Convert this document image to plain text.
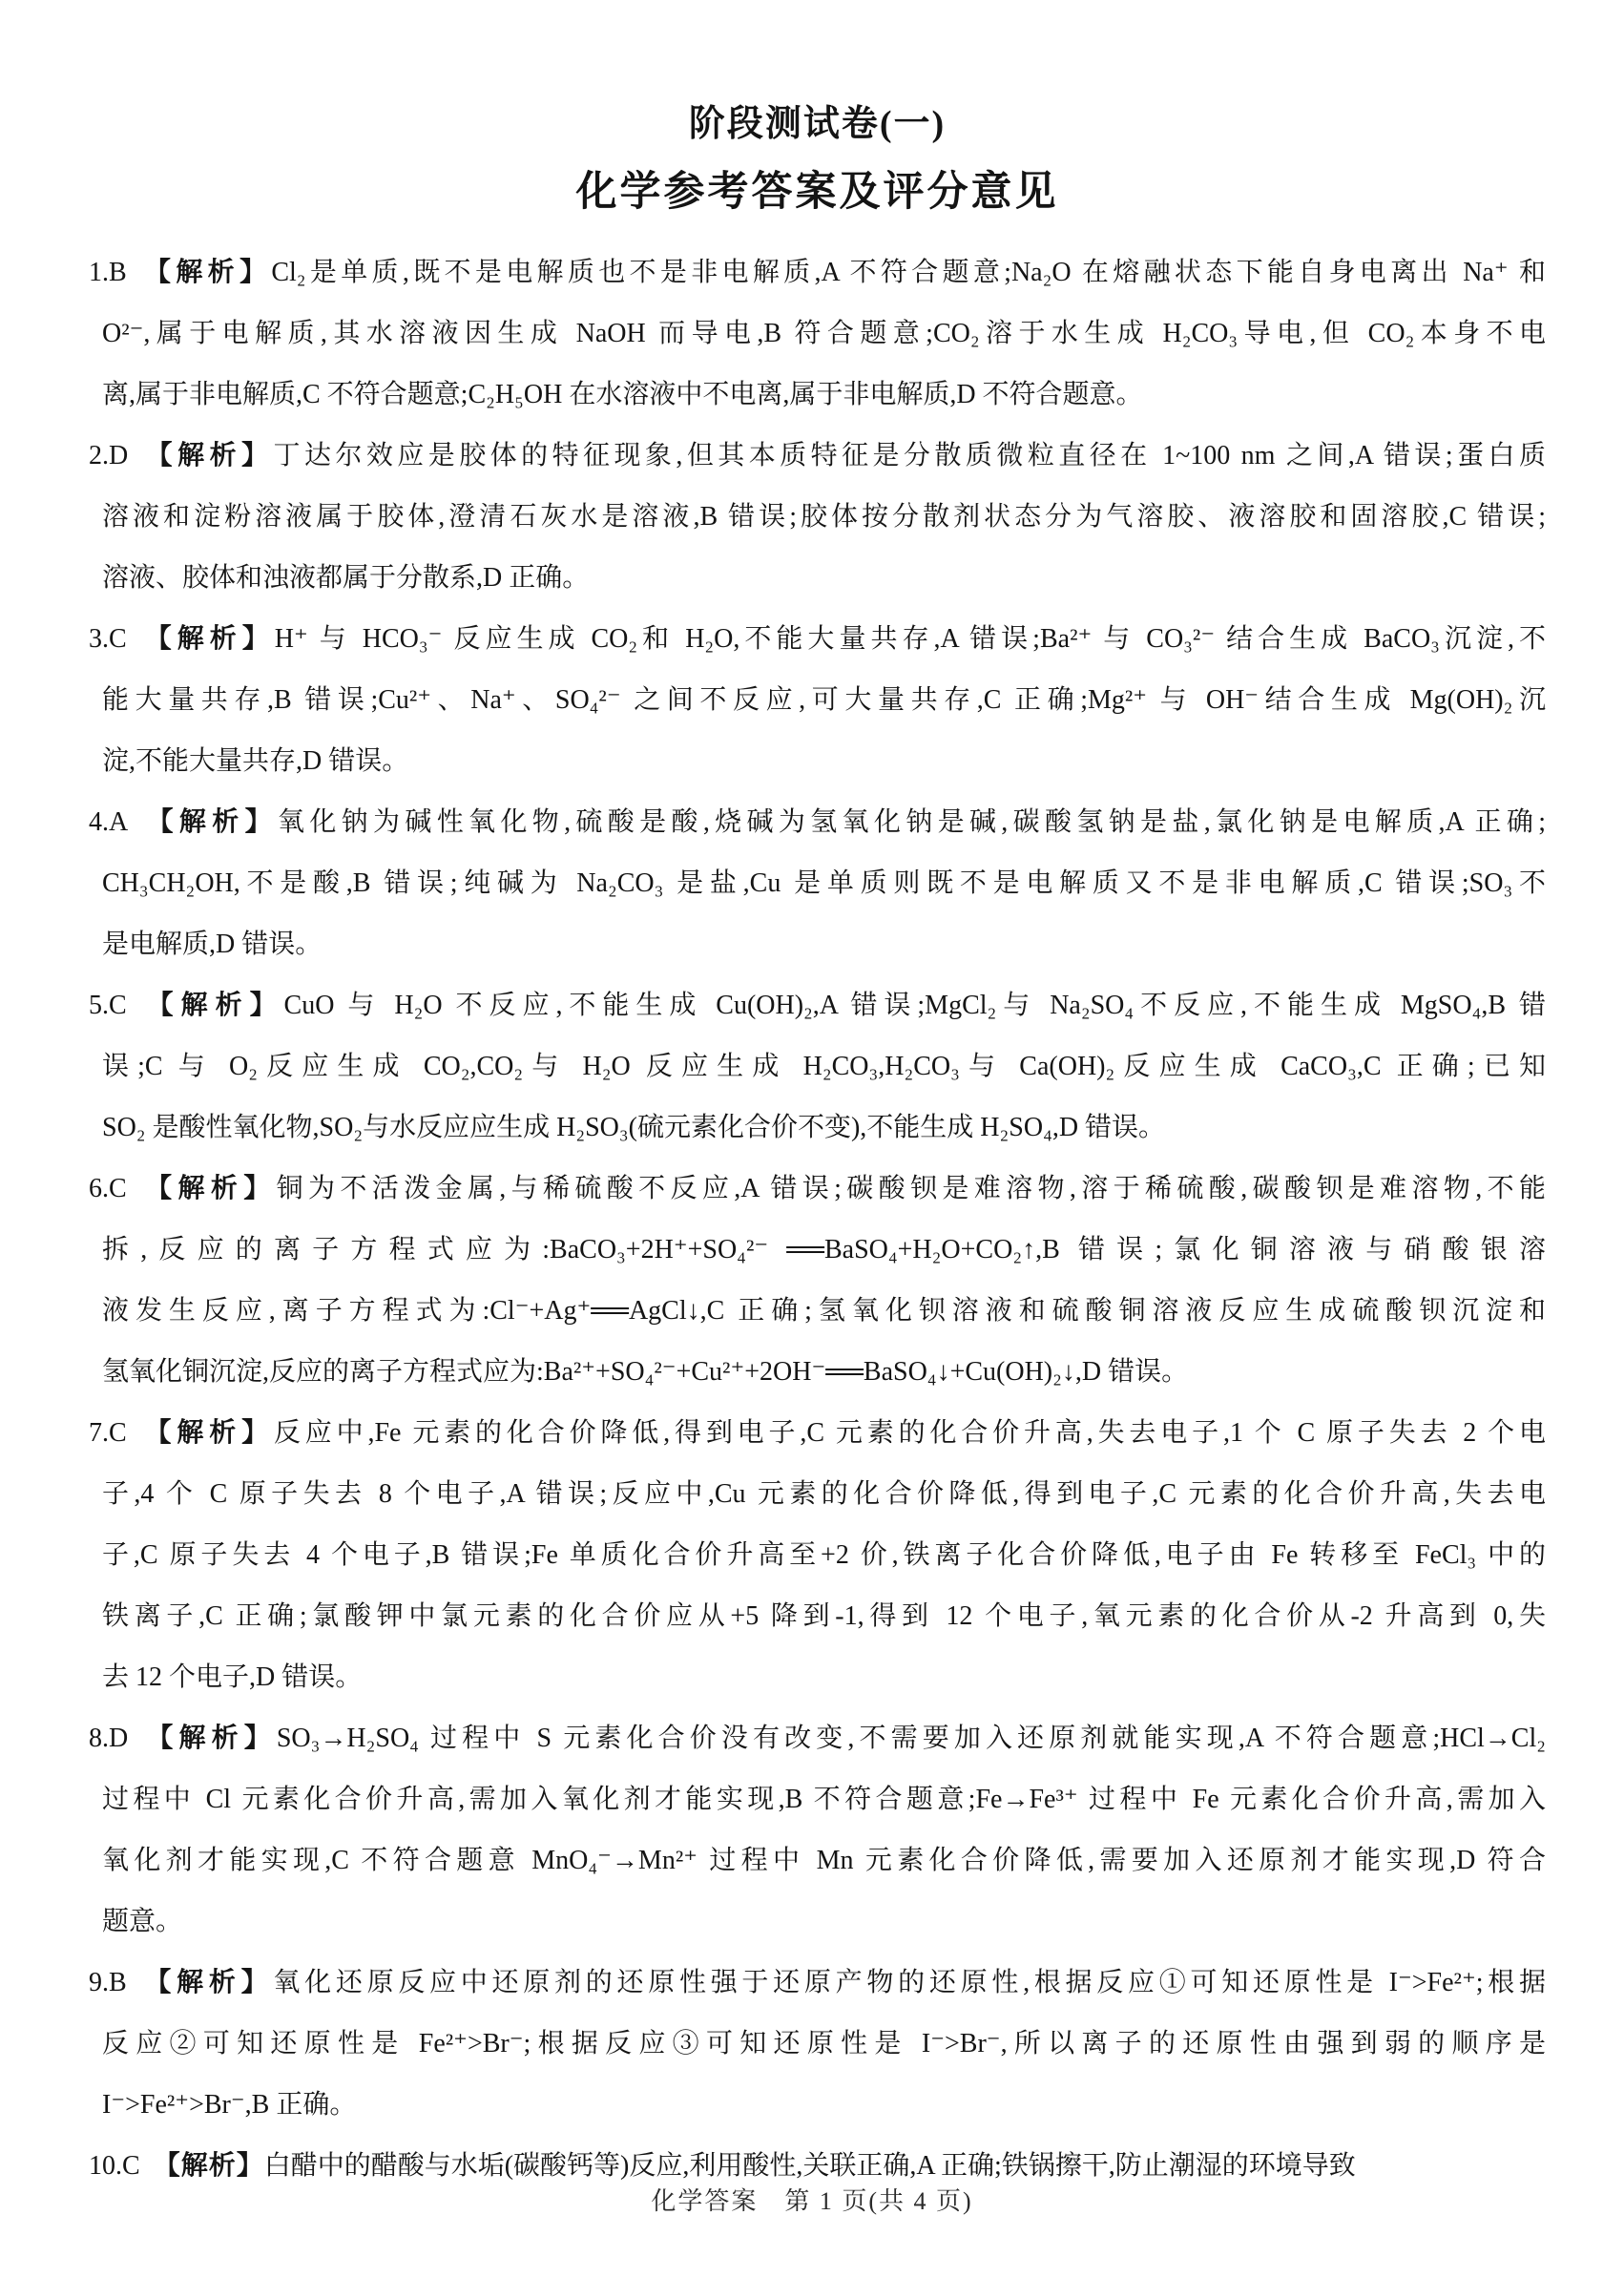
阶段测试卷(一)
化学参考答案及评分意见
1.B 【解析】Cl₂是单质,既不是电解质也不是非电解质,A 不符合题意;Na₂O 在熔融状态下能自身电离出 Na⁺ 和
O²⁻,属于电解质,其水溶液因生成 NaOH 而导电,B 符合题意;CO₂溶于水生成 H₂CO₃导电,但 CO₂本身不电
离,属于非电解质,C 不符合题意;C₂H₅OH 在水溶液中不电离,属于非电解质,D 不符合题意。
2.D 【解析】丁达尔效应是胶体的特征现象,但其本质特征是分散质微粒直径在 1~100 nm 之间,A 错误;蛋白质
溶液和淀粉溶液属于胶体,澄清石灰水是溶液,B 错误;胶体按分散剂状态分为气溶胶、液溶胶和固溶胶,C 错误;
溶液、胶体和浊液都属于分散系,D 正确。
3.C 【解析】H⁺ 与 HCO₃⁻ 反应生成 CO₂和 H₂O,不能大量共存,A 错误;Ba²⁺ 与 CO₃²⁻ 结合生成 BaCO₃沉淀,不
能大量共存,B 错误;Cu²⁺、Na⁺、SO₄²⁻ 之间不反应,可大量共存,C 正确;Mg²⁺ 与 OH⁻结合生成 Mg(OH)₂沉
淀,不能大量共存,D 错误。
4.A 【解析】氧化钠为碱性氧化物,硫酸是酸,烧碱为氢氧化钠是碱,碳酸氢钠是盐,氯化钠是电解质,A 正确;
CH₃CH₂OH,不是酸,B 错误;纯碱为 Na₂CO₃ 是盐,Cu 是单质则既不是电解质又不是非电解质,C 错误;SO₃不
是电解质,D 错误。
5.C 【解析】CuO 与 H₂O 不反应,不能生成 Cu(OH)₂,A 错误;MgCl₂与 Na₂SO₄不反应,不能生成 MgSO₄,B 错
误;C 与 O₂反应生成 CO₂,CO₂与 H₂O 反应生成 H₂CO₃,H₂CO₃与 Ca(OH)₂反应生成 CaCO₃,C 正确;已知
SO₂ 是酸性氧化物,SO₂与水反应应生成 H₂SO₃(硫元素化合价不变),不能生成 H₂SO₄,D 错误。
6.C 【解析】铜为不活泼金属,与稀硫酸不反应,A 错误;碳酸钡是难溶物,溶于稀硫酸,碳酸钡是难溶物,不能
拆,反应的离子方程式应为:BaCO₃+2H⁺+SO₄²⁻ ══BaSO₄+H₂O+CO₂↑,B 错误;氯化铜溶液与硝酸银溶
液发生反应,离子方程式为:Cl⁻+Ag⁺══AgCl↓,C 正确;氢氧化钡溶液和硫酸铜溶液反应生成硫酸钡沉淀和
氢氧化铜沉淀,反应的离子方程式应为:Ba²⁺+SO₄²⁻+Cu²⁺+2OH⁻══BaSO₄↓+Cu(OH)₂↓,D 错误。
7.C 【解析】反应中,Fe 元素的化合价降低,得到电子,C 元素的化合价升高,失去电子,1 个 C 原子失去 2 个电
子,4 个 C 原子失去 8 个电子,A 错误;反应中,Cu 元素的化合价降低,得到电子,C 元素的化合价升高,失去电
子,C 原子失去 4 个电子,B 错误;Fe 单质化合价升高至+2 价,铁离子化合价降低,电子由 Fe 转移至 FeCl₃ 中的
铁离子,C 正确;氯酸钾中氯元素的化合价应从+5 降到-1,得到 12 个电子,氧元素的化合价从-2 升高到 0,失
去 12 个电子,D 错误。
8.D 【解析】SO₃→H₂SO₄ 过程中 S 元素化合价没有改变,不需要加入还原剂就能实现,A 不符合题意;HCl→Cl₂
过程中 Cl 元素化合价升高,需加入氧化剂才能实现,B 不符合题意;Fe→Fe³⁺ 过程中 Fe 元素化合价升高,需加入
氧化剂才能实现,C 不符合题意 MnO₄⁻→Mn²⁺ 过程中 Mn 元素化合价降低,需要加入还原剂才能实现,D 符合
题意。
9.B 【解析】氧化还原反应中还原剂的还原性强于还原产物的还原性,根据反应①可知还原性是 I⁻>Fe²⁺;根据
反应②可知还原性是 Fe²⁺>Br⁻;根据反应③可知还原性是 I⁻>Br⁻,所以离子的还原性由强到弱的顺序是
I⁻>Fe²⁺>Br⁻,B 正确。
10.C 【解析】白醋中的醋酸与水垢(碳酸钙等)反应,利用酸性,关联正确,A 正确;铁锅擦干,防止潮湿的环境导致
化学答案　第 1 页(共 4 页)
